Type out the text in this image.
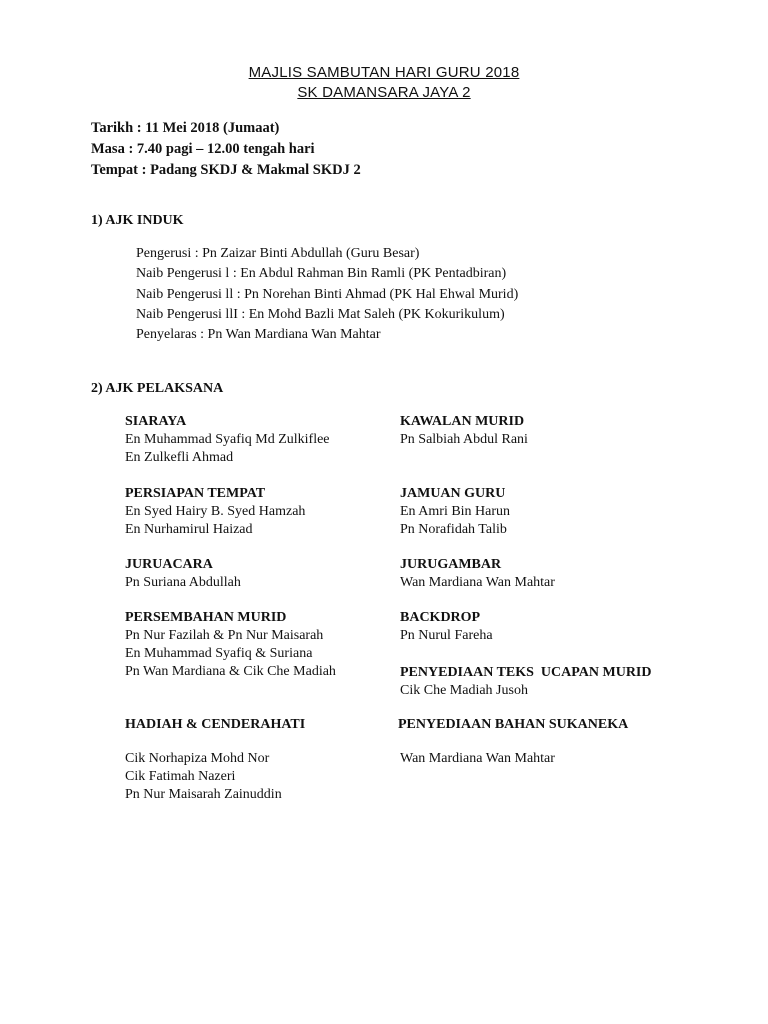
MAJLIS SAMBUTAN HARI GURU 2018
SK DAMANSARA JAYA 2
Tarikh : 11 Mei 2018 (Jumaat)
Masa : 7.40 pagi – 12.00 tengah hari
Tempat : Padang SKDJ & Makmal SKDJ 2
1) AJK INDUK
Pengerusi : Pn Zaizar Binti Abdullah (Guru Besar)
Naib Pengerusi l : En Abdul Rahman Bin Ramli (PK Pentadbiran)
Naib Pengerusi ll : Pn Norehan Binti Ahmad (PK Hal Ehwal Murid)
Naib Pengerusi llI : En Mohd Bazli Mat Saleh (PK Kokurikulum)
Penyelaras : Pn Wan Mardiana Wan Mahtar
2) AJK PELAKSANA
SIARAYA
En Muhammad Syafiq Md Zulkiflee
En Zulkefli Ahmad
KAWALAN MURID
Pn Salbiah Abdul Rani
PERSIAPAN TEMPAT
En Syed Hairy B. Syed Hamzah
En Nurhamirul Haizad
JAMUAN GURU
En Amri Bin Harun
Pn Norafidah Talib
JURUACARA
Pn Suriana Abdullah
JURUGAMBAR
Wan Mardiana Wan Mahtar
PERSEMBAHAN MURID
Pn Nur Fazilah & Pn Nur Maisarah
En Muhammad Syafiq & Suriana
Pn Wan Mardiana & Cik Che Madiah
BACKDROP
Pn Nurul Fareha
PENYEDIAAN TEKS  UCAPAN MURID
Cik Che Madiah Jusoh
HADIAH & CENDERAHATI
Cik Norhapiza Mohd Nor
Cik Fatimah Nazeri
Pn Nur Maisarah Zainuddin
PENYEDIAAN BAHAN SUKANEKA
Wan Mardiana Wan Mahtar
